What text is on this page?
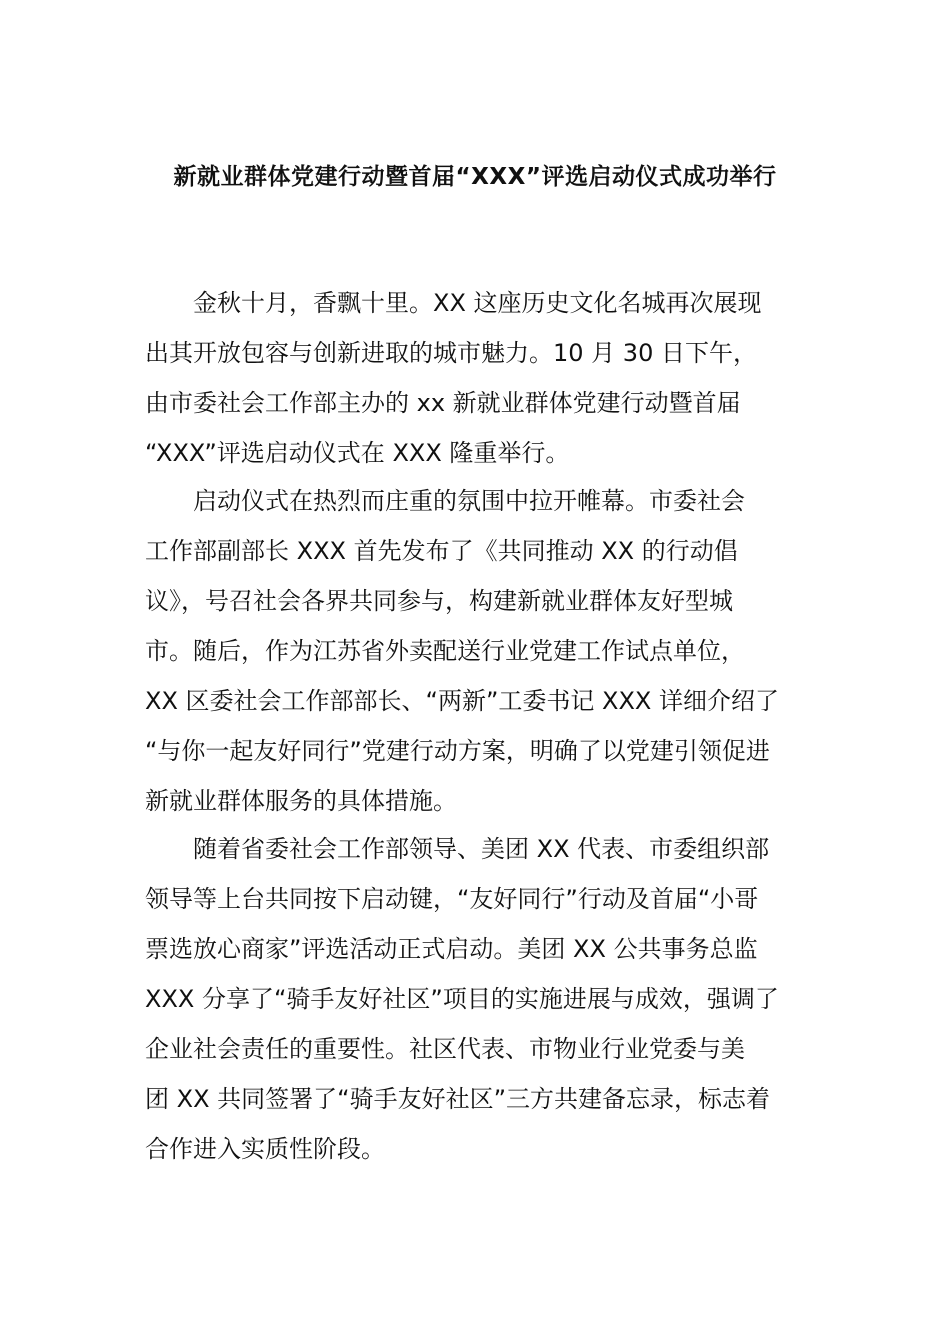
新就业群体党建行动暨首届“XXX”评选启动仪式成功举行
　　金秋十月，香飘十里。XX 这座历史文化名城再次展现
出其开放包容与创新进取的城市魅力。10 月 30 日下午，
由市委社会工作部主办的 xx 新就业群体党建行动暨首届
“XXX”评选启动仪式在 XXX 隆重举行。
　　启动仪式在热烈而庄重的氛围中拉开帷幕。市委社会
工作部副部长 XXX 首先发布了《共同推动 XX 的行动倡
议》，号召社会各界共同参与，构建新就业群体友好型城
市。随后，作为江苏省外卖配送行业党建工作试点单位，
XX 区委社会工作部部长、“两新”工委书记 XXX 详细介绍了
“与你一起友好同行”党建行动方案，明确了以党建引领促进
新就业群体服务的具体措施。
　　随着省委社会工作部领导、美团 XX 代表、市委组织部
领导等上台共同按下启动键，“友好同行”行动及首届“小哥
票选放心商家”评选活动正式启动。美团 XX 公共事务总监
XXX 分享了“骑手友好社区”项目的实施进展与成效，强调了
企业社会责任的重要性。社区代表、市物业行业党委与美
团 XX 共同签署了“骑手友好社区”三方共建备忘录，标志着
合作进入实质性阶段。
